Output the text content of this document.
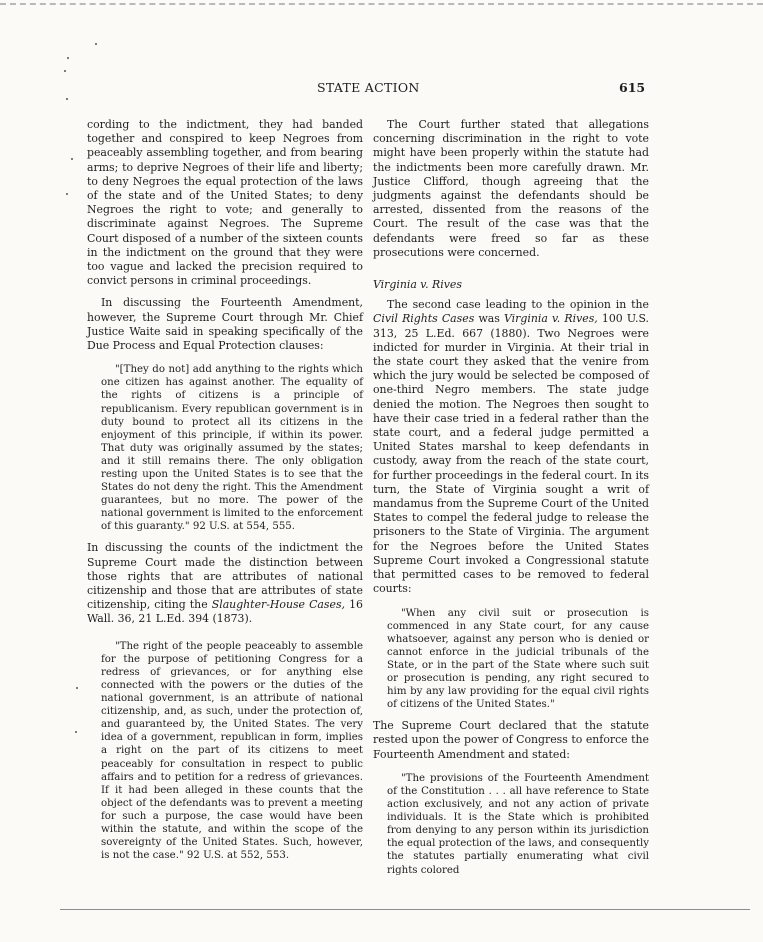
STATE ACTION	615

cording to the indictment, they had banded together and conspired to keep Negroes from peaceably assembling together, and from bearing arms; to deprive Negroes of their life and liberty; to deny Negroes the equal protection of the laws of the state and of the United States; to deny Negroes the right to vote; and generally to discriminate against Negroes. The Supreme Court disposed of a number of the sixteen counts in the indictment on the ground that they were too vague and lacked the precision required to convict persons in criminal proceedings.

In discussing the Fourteenth Amendment, however, the Supreme Court through Mr. Chief Justice Waite said in speaking specifically of the Due Process and Equal Protection clauses:

"[They do not] add anything to the rights which one citizen has against another. The equality of the rights of citizens is a principle of republicanism. Every republican government is in duty bound to protect all its citizens in the enjoyment of this principle, if within its power. That duty was originally assumed by the states; and it still remains there. The only obligation resting upon the United States is to see that the States do not deny the right. This the Amendment guarantees, but no more. The power of the national government is limited to the enforcement of this guaranty." 92 U.S. at 554, 555.

In discussing the counts of the indictment the Supreme Court made the distinction between those rights that are attributes of national citizenship and those that are attributes of state citizenship, citing the Slaughter-House Cases, 16 Wall. 36, 21 L.Ed. 394 (1873).

"The right of the people peaceably to assemble for the purpose of petitioning Congress for a redress of grievances, or for anything else connected with the powers or the duties of the national government, is an attribute of national citizenship, and, as such, under the protection of, and guaranteed by, the United States. The very idea of a government, republican in form, implies a right on the part of its citizens to meet peaceably for consultation in respect to public affairs and to petition for a redress of grievances. If it had been alleged in these counts that the object of the defendants was to prevent a meeting for such a purpose, the case would have been within the statute, and within the scope of the sovereignty of the United States. Such, however, is not the case." 92 U.S. at 552, 553.

The Court further stated that allegations concerning discrimination in the right to vote might have been properly within the statute had the indictments been more carefully drawn. Mr. Justice Clifford, though agreeing that the judgments against the defendants should be arrested, dissented from the reasons of the Court. The result of the case was that the defendants were freed so far as these prosecutions were concerned.

Virginia v. Rives

The second case leading to the opinion in the Civil Rights Cases was Virginia v. Rives, 100 U.S. 313, 25 L.Ed. 667 (1880). Two Negroes were indicted for murder in Virginia. At their trial in the state court they asked that the venire from which the jury would be selected be composed of one-third Negro members. The state judge denied the motion. The Negroes then sought to have their case tried in a federal rather than the state court, and a federal judge permitted a United States marshal to keep defendants in custody, away from the reach of the state court, for further proceedings in the federal court. In its turn, the State of Virginia sought a writ of mandamus from the Supreme Court of the United States to compel the federal judge to release the prisoners to the State of Virginia. The argument for the Negroes before the United States Supreme Court invoked a Congressional statute that permitted cases to be removed to federal courts:

"When any civil suit or prosecution is commenced in any State court, for any cause whatsoever, against any person who is denied or cannot enforce in the judicial tribunals of the State, or in the part of the State where such suit or prosecution is pending, any right secured to him by any law providing for the equal civil rights of citizens of the United States."

The Supreme Court declared that the statute rested upon the power of Congress to enforce the Fourteenth Amendment and stated:

"The provisions of the Fourteenth Amendment of the Constitution . . . all have reference to State action exclusively, and not any action of private individuals. It is the State which is prohibited from denying to any person within its jurisdiction the equal protection of the laws, and consequently the statutes partially enumerating what civil rights colored
